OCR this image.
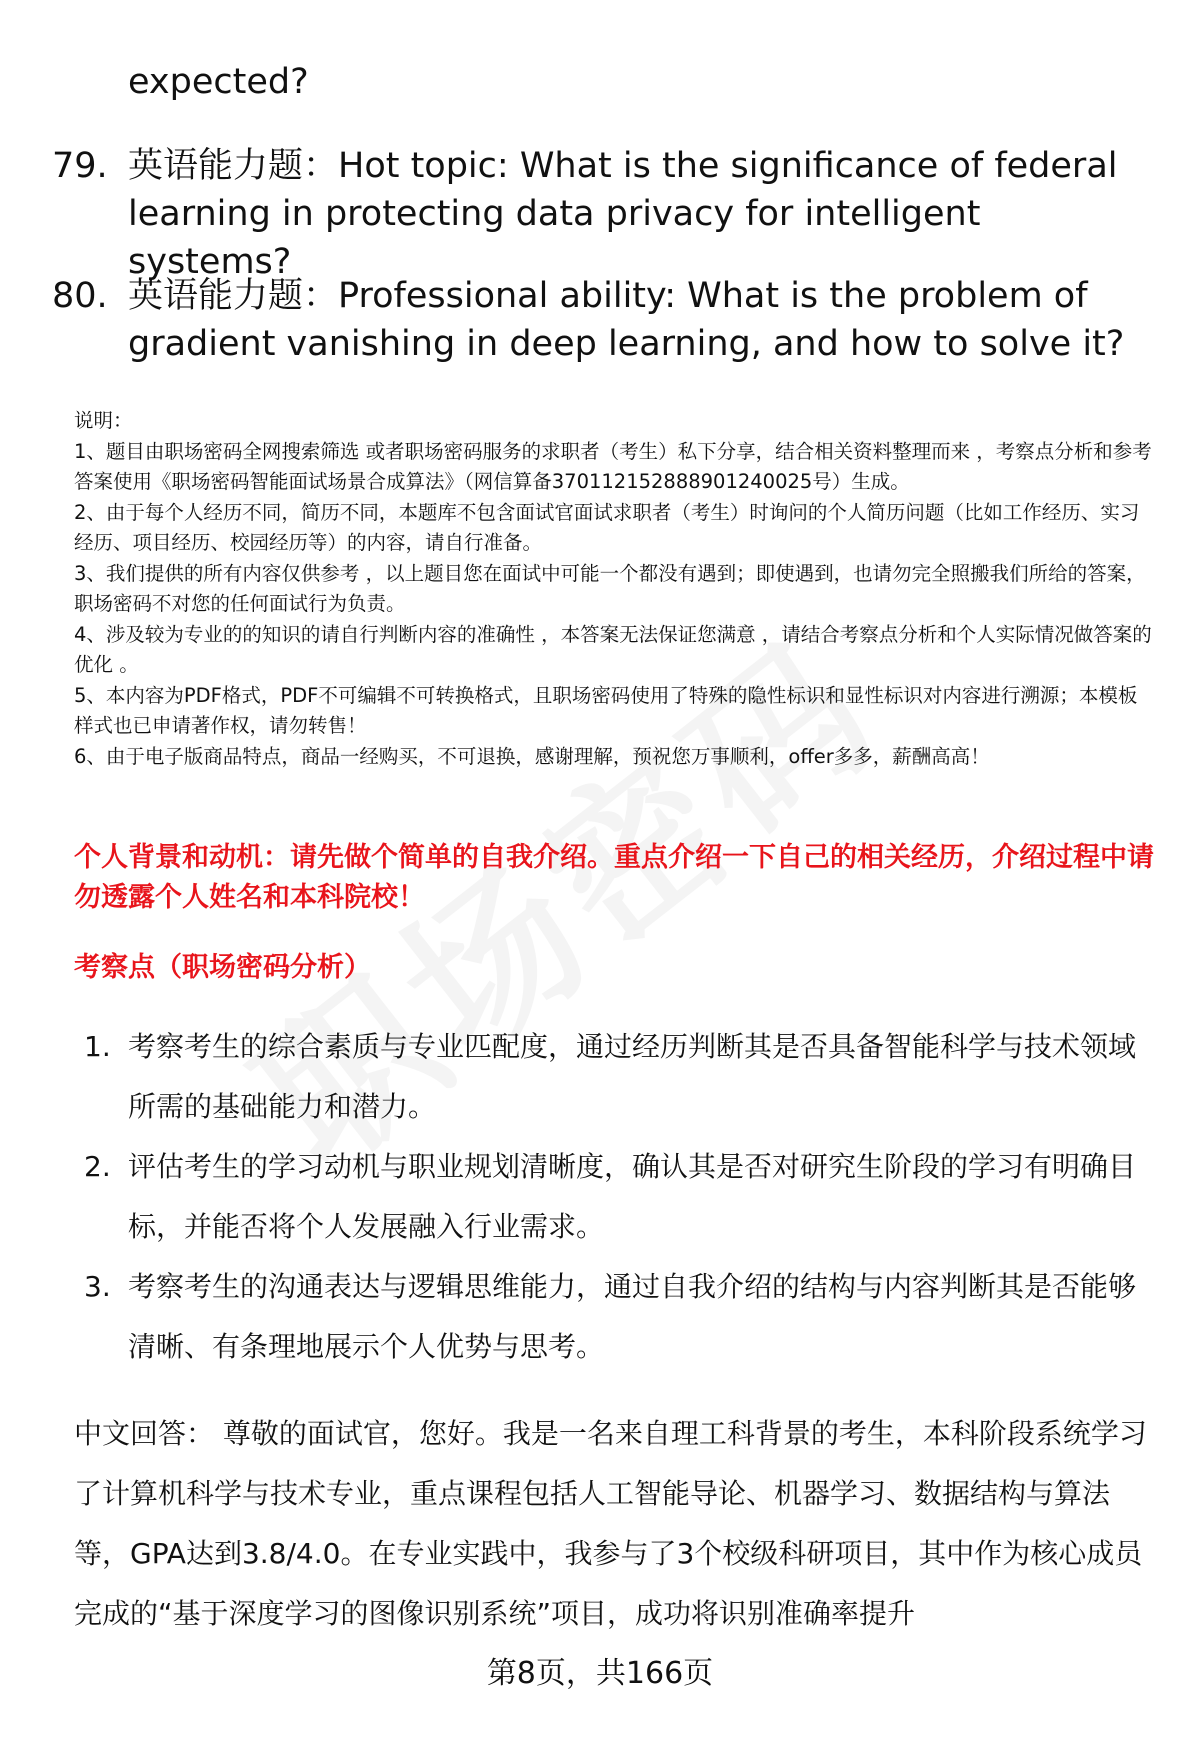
expected?
79. 英语能力题：Hot topic: What is the significance of federal learning in protecting data privacy for intelligent systems?
80. 英语能力题：Professional ability: What is the problem of gradient vanishing in deep learning, and how to solve it?

说明：

1、题目由职场密码全网搜索筛选 或者职场密码服务的求职者（考生）私下分享，结合相关资料整理而来 ，考察点分析和参考答案使用《职场密码智能面试场景合成算法》（网信算备370112152888901240025号）生成。

2、由于每个人经历不同，简历不同，本题库不包含面试官面试求职者（考生）时询问的个人简历问题（比如工作经历、实习经历、项目经历、校园经历等）的内容，请自行准备。

3、我们提供的所有内容仅供参考 ，以上题目您在面试中可能一个都没有遇到；即使遇到，也请勿完全照搬我们所给的答案，职场密码不对您的任何面试行为负责。

4、涉及较为专业的的知识的请自行判断内容的准确性 ，本答案无法保证您满意 ，请结合考察点分析和个人实际情况做答案的优化 。

5、本内容为PDF格式，PDF不可编辑不可转换格式，且职场密码使用了特殊的隐性标识和显性标识对内容进行溯源；本模板样式也已申请著作权，请勿转售！

6、由于电子版商品特点，商品一经购买，不可退换，感谢理解，预祝您万事顺利，offer多多，薪酬高高！

个人背景和动机：请先做个简单的自我介绍。重点介绍一下自己的相关经历，介绍过程中请勿透露个人姓名和本科院校！
考察点（职场密码分析）
1. 考察考生的综合素质与专业匹配度，通过经历判断其是否具备智能科学与技术领域所需的基础能力和潜力。
2. 评估考生的学习动机与职业规划清晰度，确认其是否对研究生阶段的学习有明确目标，并能否将个人发展融入行业需求。
3. 考察考生的沟通表达与逻辑思维能力，通过自我介绍的结构与内容判断其是否能够清晰、有条理地展示个人优势与思考。
中文回答： 尊敬的面试官，您好。我是一名来自理工科背景的考生，本科阶段系统学习了计算机科学与技术专业，重点课程包括人工智能导论、机器学习、数据结构与算法等，GPA达到3.8/4.0。在专业实践中，我参与了3个校级科研项目，其中作为核心成员完成的“基于深度学习的图像识别系统”项目，成功将识别准确率提升
第8页，共166页
